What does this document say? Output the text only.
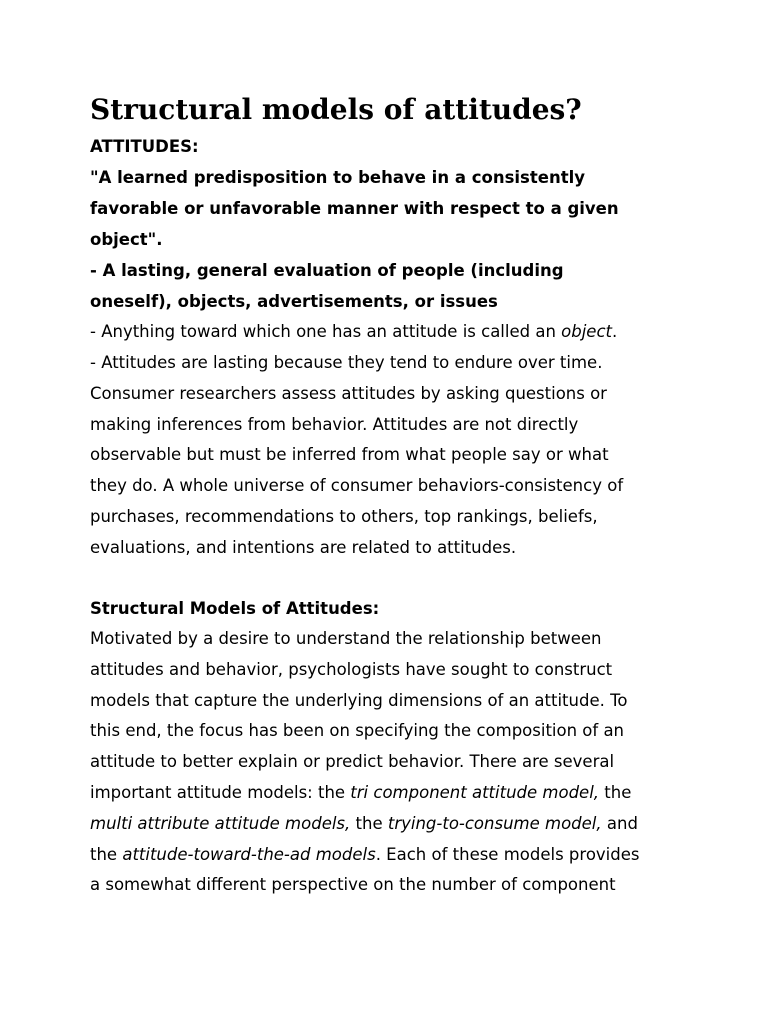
Structural models of attitudes?
ATTITUDES:
"A learned predisposition to behave in a consistently
favorable or unfavorable manner with respect to a given
object".
- A lasting, general evaluation of people (including
oneself), objects, advertisements, or issues
- Anything toward which one has an attitude is called an object.
- Attitudes are lasting because they tend to endure over time.
Consumer researchers assess attitudes by asking questions or
making inferences from behavior. Attitudes are not directly
observable but must be inferred from what people say or what
they do. A whole universe of consumer behaviors-consistency of
purchases, recommendations to others, top rankings, beliefs,
evaluations, and intentions are related to attitudes.
Structural Models of Attitudes:
Motivated by a desire to understand the relationship between
attitudes and behavior, psychologists have sought to construct
models that capture the underlying dimensions of an attitude. To
this end, the focus has been on specifying the composition of an
attitude to better explain or predict behavior. There are several
important attitude models: the tri component attitude model, the
multi attribute attitude models, the trying-to-consume model, and
the attitude-toward-the-ad models. Each of these models provides
a somewhat different perspective on the number of component
